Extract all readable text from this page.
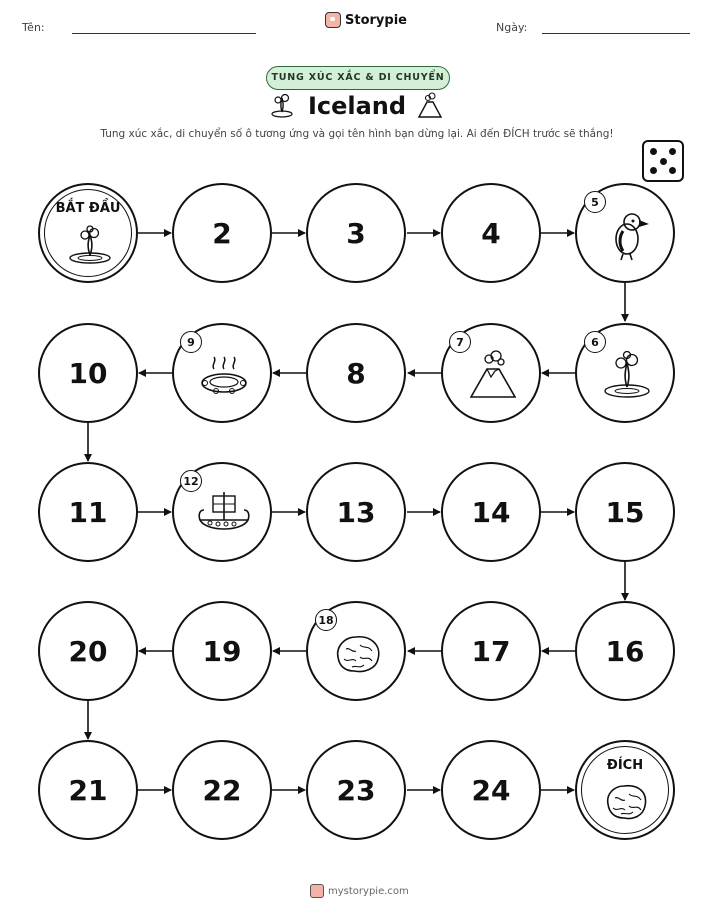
Tên:	Storypie	Ngày:
TUNG XÚC XẮC & DI CHUYỂN
Iceland
Tung xúc xắc, di chuyển số ô tương ứng và gọi tên hình bạn dừng lại. Ai đến ĐÍCH trước sẽ thắng!
BẮT ĐẦU
2	3	4
5
10
9
8
7	6
11
12
13	14	15
20	19
18
17	16
21	22	23	24
ĐÍCH
mystorypie.com
